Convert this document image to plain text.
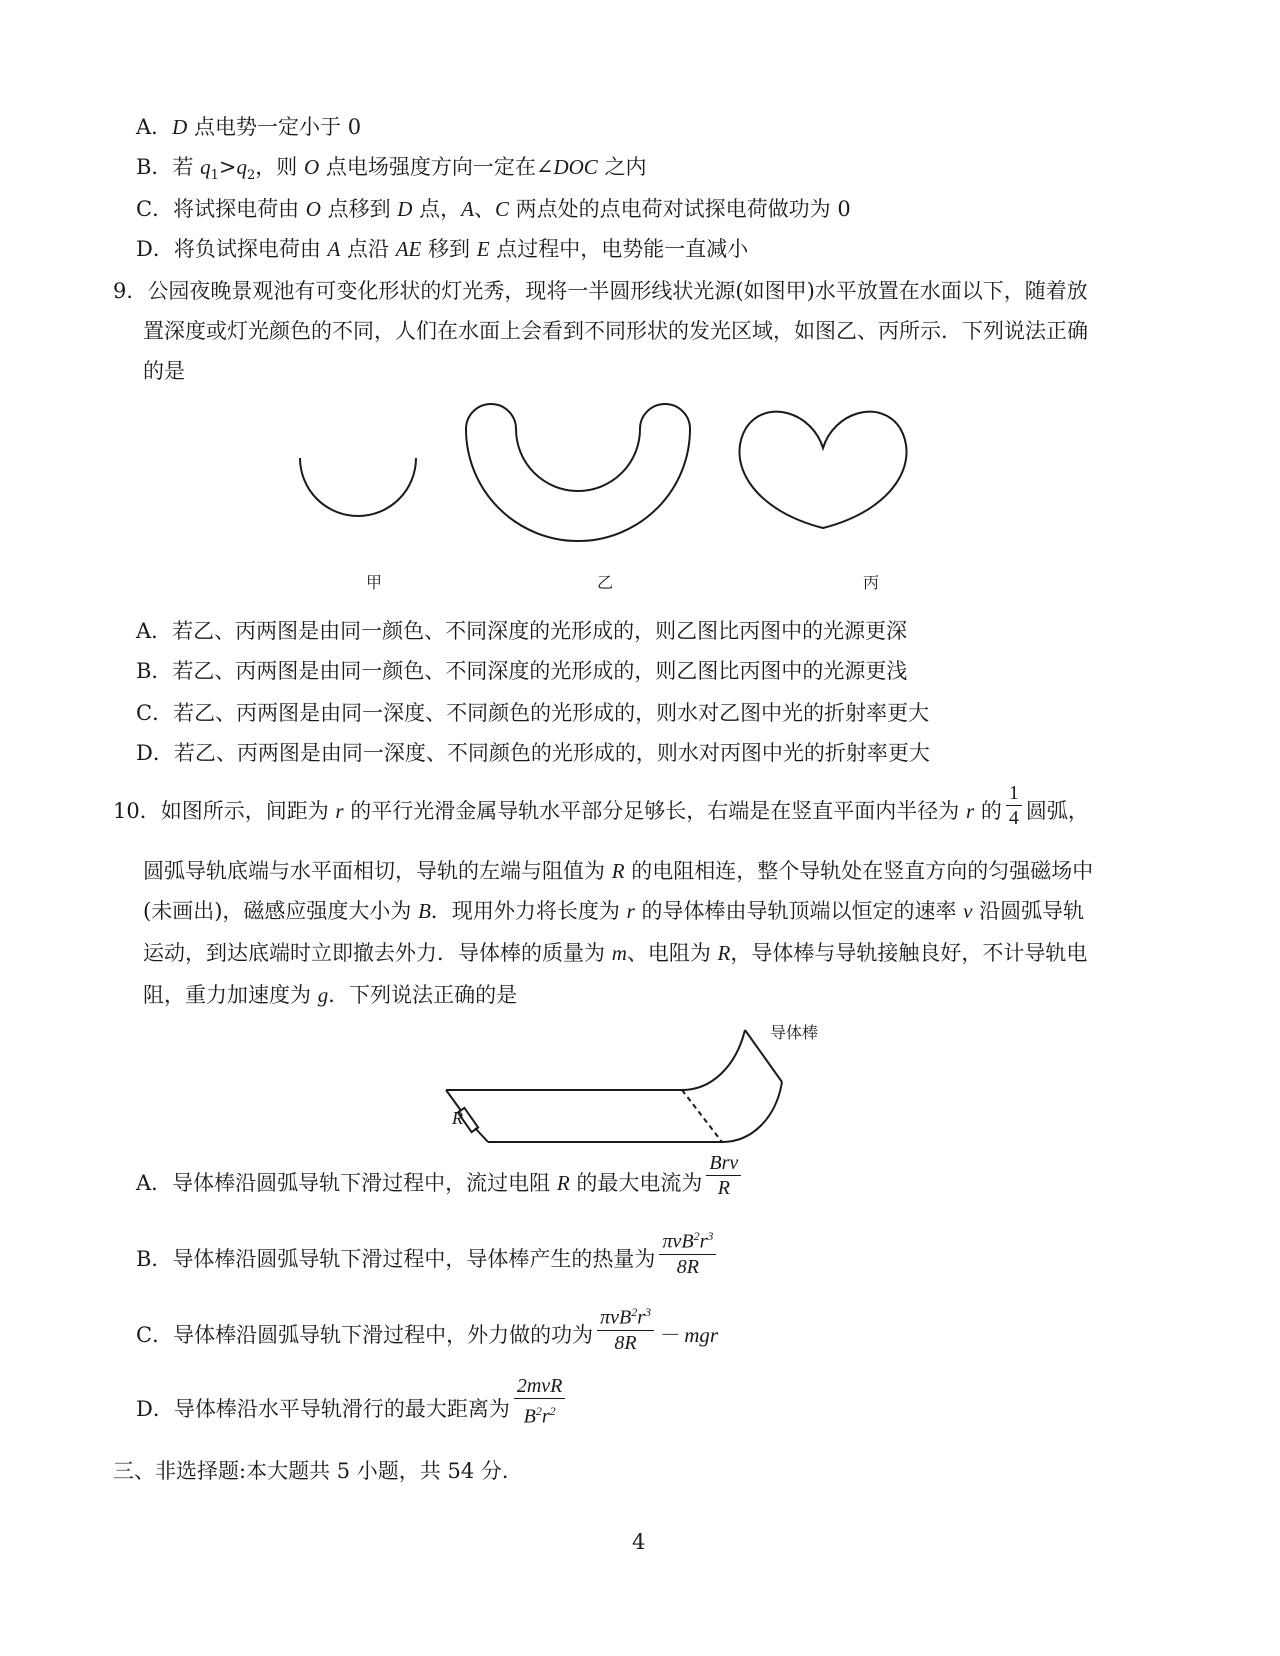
A．D 点电势一定小于 0
B．若 $q_1>q_2$，则 O 点电场强度方向一定在∠DOC 之内
C．将试探电荷由 O 点移到 D 点，A、C 两点处的点电荷对试探电荷做功为 0
D．将负试探电荷由 A 点沿 AE 移到 E 点过程中，电势能一直减小
9．公园夜晚景观池有可变化形状的灯光秀，现将一半圆形线状光源(如图甲)水平放置在水面以下，随着放
置深度或灯光颜色的不同，人们在水面上会看到不同形状的发光区域，如图乙、丙所示．下列说法正确
的是
甲	乙	丙
A．若乙、丙两图是由同一颜色、不同深度的光形成的，则乙图比丙图中的光源更深
B．若乙、丙两图是由同一颜色、不同深度的光形成的，则乙图比丙图中的光源更浅
C．若乙、丙两图是由同一深度、不同颜色的光形成的，则水对乙图中光的折射率更大
D．若乙、丙两图是由同一深度、不同颜色的光形成的，则水对丙图中光的折射率更大
10．如图所示，间距为 r 的平行光滑金属导轨水平部分足够长，右端是在竖直平面内半径为 r 的 $\frac{1}{4}$ 圆弧，
圆弧导轨底端与水平面相切，导轨的左端与阻值为 R 的电阻相连，整个导轨处在竖直方向的匀强磁场中
(未画出)，磁感应强度大小为 B．现用外力将长度为 r 的导体棒由导轨顶端以恒定的速率 v 沿圆弧导轨
运动，到达底端时立即撤去外力．导体棒的质量为 m、电阻为 R，导体棒与导轨接触良好，不计导轨电
阻，重力加速度为 g．下列说法正确的是
R
导体棒
A．导体棒沿圆弧导轨下滑过程中，流过电阻 R 的最大电流为 $\frac{\text{Brv}}{R}$
B．导体棒沿圆弧导轨下滑过程中，导体棒产生的热量为 $\frac{\pi vB^2r^3}{8R}$
C．导体棒沿圆弧导轨下滑过程中，外力做的功为 $\frac{\pi vB^2r^3}{8R}$ － mgr
D．导体棒沿水平导轨滑行的最大距离为 $\frac{\text{2mvR}}{B^2r^2}$
三、非选择题:本大题共 5 小题，共 54 分．
4
